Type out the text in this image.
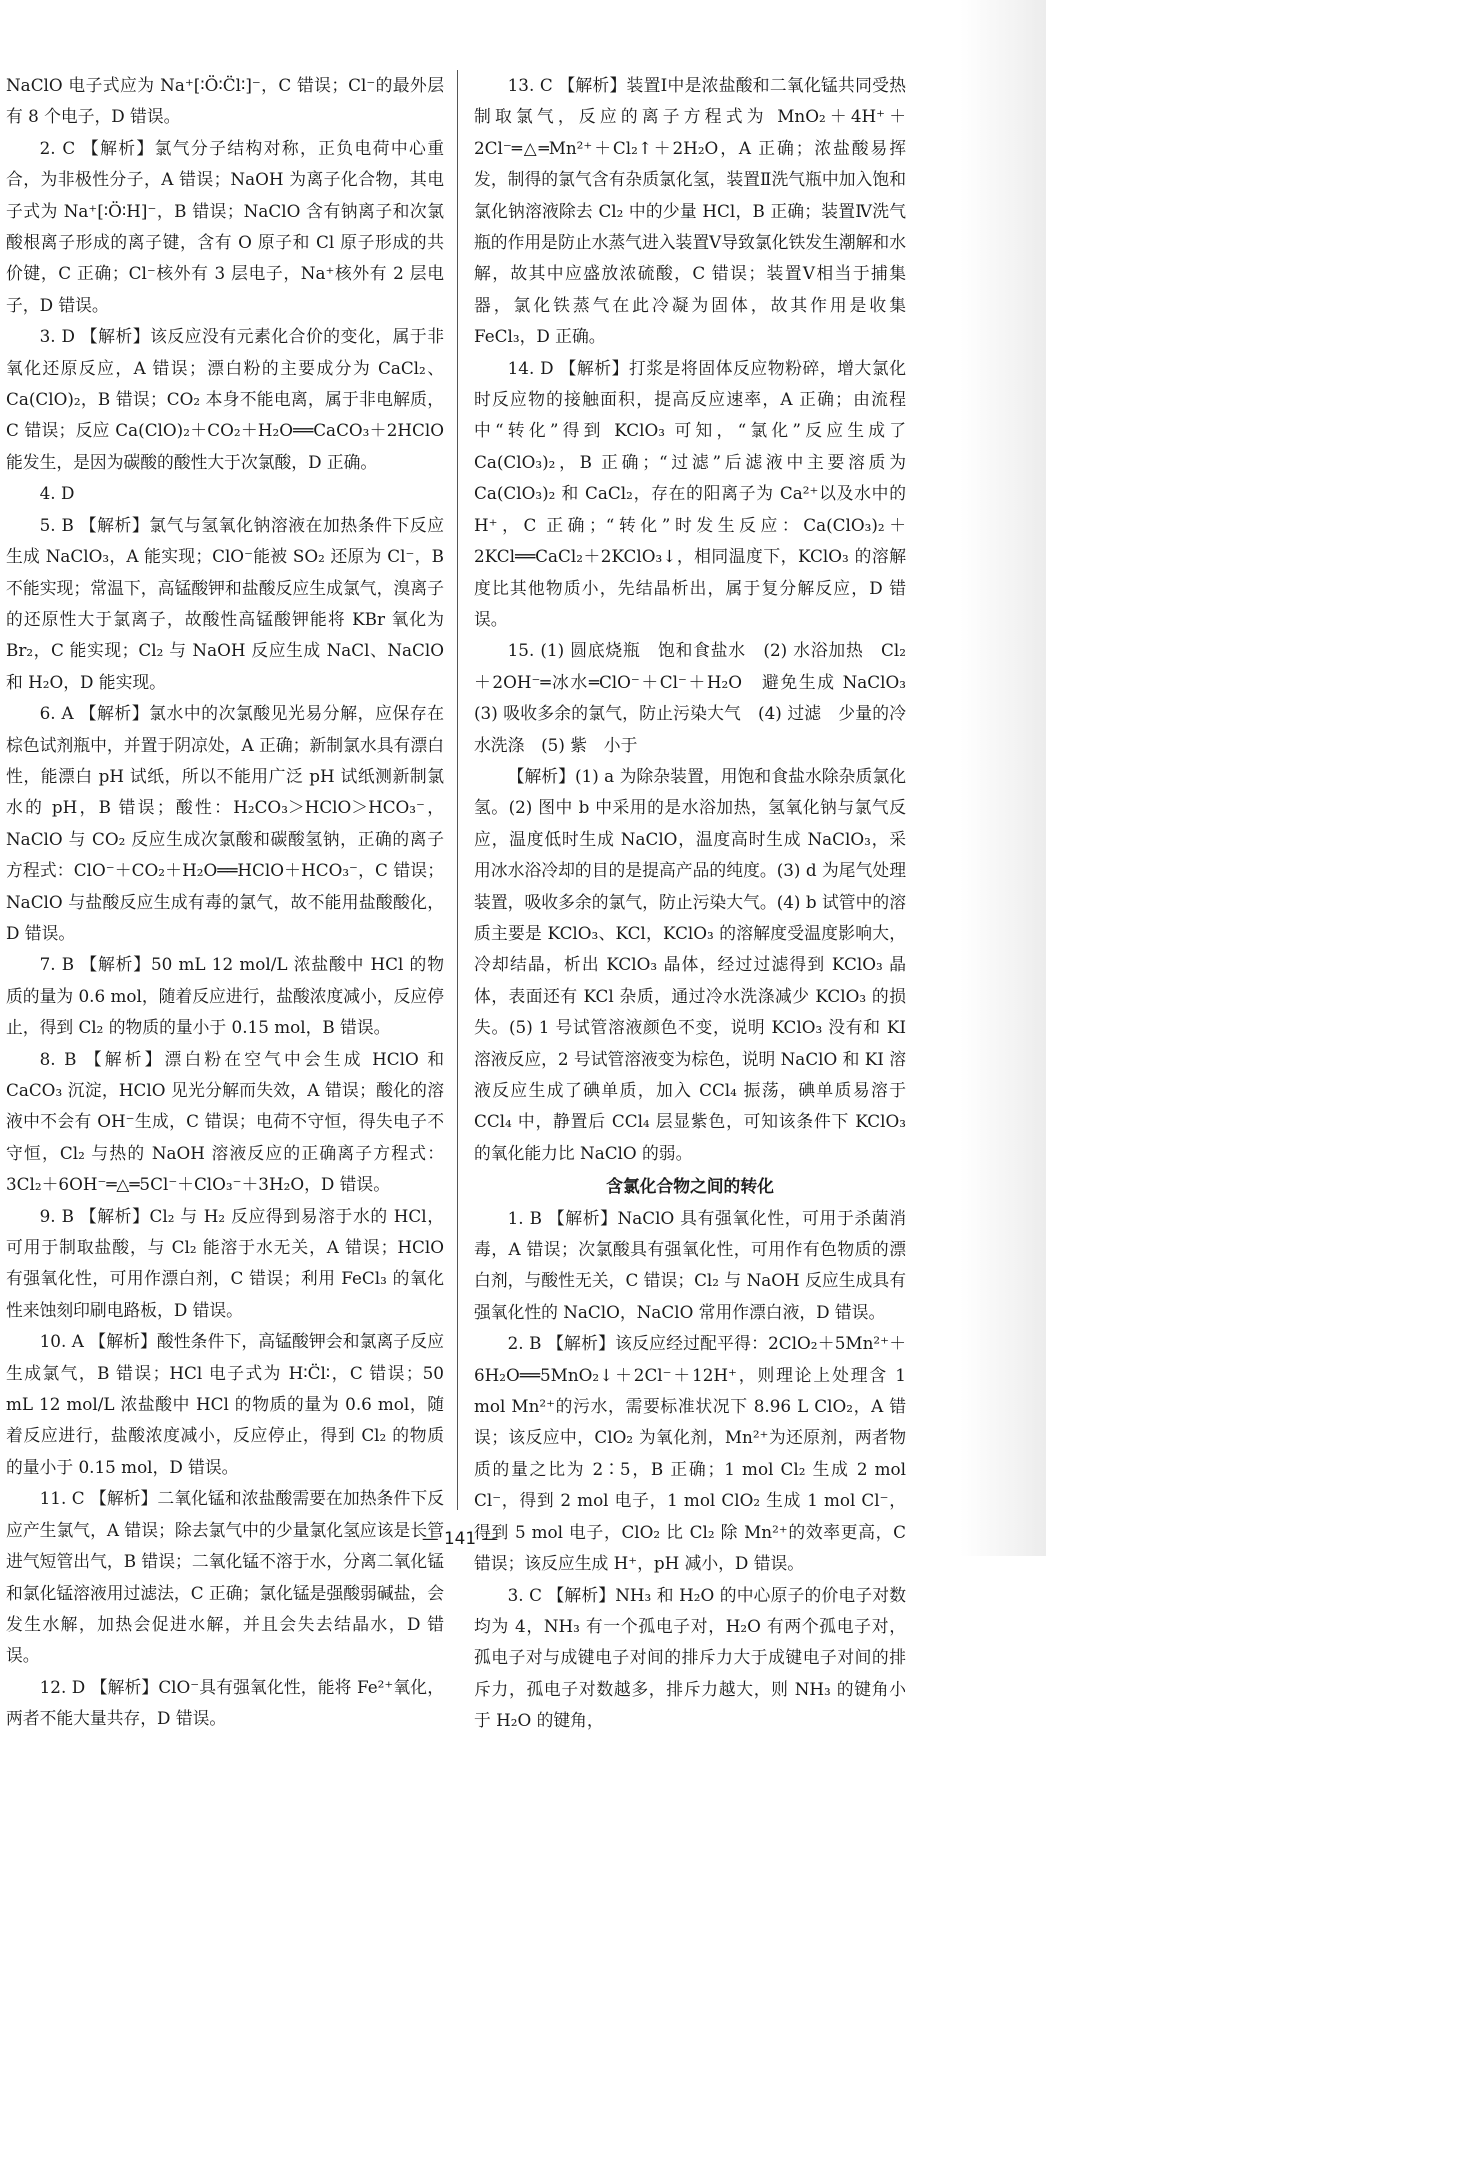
NaClO 电子式应为 Na⁺[∶Ö∶C̈l∶]⁻，C 错误；Cl⁻的最外层有 8 个电子，D 错误。

2. C 【解析】氯气分子结构对称，正负电荷中心重合，为非极性分子，A 错误；NaOH 为离子化合物，其电子式为 Na⁺[∶Ö∶H]⁻，B 错误；NaClO 含有钠离子和次氯酸根离子形成的离子键，含有 O 原子和 Cl 原子形成的共价键，C 正确；Cl⁻核外有 3 层电子，Na⁺核外有 2 层电子，D 错误。

3. D 【解析】该反应没有元素化合价的变化，属于非氧化还原反应，A 错误；漂白粉的主要成分为 CaCl₂、Ca(ClO)₂，B 错误；CO₂ 本身不能电离，属于非电解质，C 错误；反应 Ca(ClO)₂＋CO₂＋H₂O══CaCO₃＋2HClO 能发生，是因为碳酸的酸性大于次氯酸，D 正确。

4. D

5. B 【解析】氯气与氢氧化钠溶液在加热条件下反应生成 NaClO₃，A 能实现；ClO⁻能被 SO₂ 还原为 Cl⁻，B 不能实现；常温下，高锰酸钾和盐酸反应生成氯气，溴离子的还原性大于氯离子，故酸性高锰酸钾能将 KBr 氧化为 Br₂，C 能实现；Cl₂ 与 NaOH 反应生成 NaCl、NaClO 和 H₂O，D 能实现。

6. A 【解析】氯水中的次氯酸见光易分解，应保存在棕色试剂瓶中，并置于阴凉处，A 正确；新制氯水具有漂白性，能漂白 pH 试纸，所以不能用广泛 pH 试纸测新制氯水的 pH，B 错误；酸性：H₂CO₃＞HClO＞HCO₃⁻，NaClO 与 CO₂ 反应生成次氯酸和碳酸氢钠，正确的离子方程式：ClO⁻＋CO₂＋H₂O══HClO＋HCO₃⁻，C 错误；NaClO 与盐酸反应生成有毒的氯气，故不能用盐酸酸化，D 错误。

7. B 【解析】50 mL 12 mol/L 浓盐酸中 HCl 的物质的量为 0.6 mol，随着反应进行，盐酸浓度减小，反应停止，得到 Cl₂ 的物质的量小于 0.15 mol，B 错误。

8. B 【解析】漂白粉在空气中会生成 HClO 和 CaCO₃ 沉淀，HClO 见光分解而失效，A 错误；酸化的溶液中不会有 OH⁻生成，C 错误；电荷不守恒，得失电子不守恒，Cl₂ 与热的 NaOH 溶液反应的正确离子方程式：3Cl₂＋6OH⁻═△═5Cl⁻＋ClO₃⁻＋3H₂O，D 错误。

9. B 【解析】Cl₂ 与 H₂ 反应得到易溶于水的 HCl，可用于制取盐酸，与 Cl₂ 能溶于水无关，A 错误；HClO 有强氧化性，可用作漂白剂，C 错误；利用 FeCl₃ 的氧化性来蚀刻印刷电路板，D 错误。

10. A 【解析】酸性条件下，高锰酸钾会和氯离子反应生成氯气，B 错误；HCl 电子式为 H∶C̈l∶，C 错误；50 mL 12 mol/L 浓盐酸中 HCl 的物质的量为 0.6 mol，随着反应进行，盐酸浓度减小，反应停止，得到 Cl₂ 的物质的量小于 0.15 mol，D 错误。

11. C 【解析】二氧化锰和浓盐酸需要在加热条件下反应产生氯气，A 错误；除去氯气中的少量氯化氢应该是长管进气短管出气，B 错误；二氧化锰不溶于水，分离二氧化锰和氯化锰溶液用过滤法，C 正确；氯化锰是强酸弱碱盐，会发生水解，加热会促进水解，并且会失去结晶水，D 错误。

12. D 【解析】ClO⁻具有强氧化性，能将 Fe²⁺氧化，两者不能大量共存，D 错误。

13. C 【解析】装置Ⅰ中是浓盐酸和二氧化锰共同受热制取氯气，反应的离子方程式为 MnO₂＋4H⁺＋2Cl⁻═△═Mn²⁺＋Cl₂↑＋2H₂O，A 正确；浓盐酸易挥发，制得的氯气含有杂质氯化氢，装置Ⅱ洗气瓶中加入饱和氯化钠溶液除去 Cl₂ 中的少量 HCl，B 正确；装置Ⅳ洗气瓶的作用是防止水蒸气进入装置Ⅴ导致氯化铁发生潮解和水解，故其中应盛放浓硫酸，C 错误；装置Ⅴ相当于捕集器，氯化铁蒸气在此冷凝为固体，故其作用是收集 FeCl₃，D 正确。

14. D 【解析】打浆是将固体反应物粉碎，增大氯化时反应物的接触面积，提高反应速率，A 正确；由流程中“转化”得到 KClO₃ 可知，“氯化”反应生成了 Ca(ClO₃)₂，B 正确；“过滤”后滤液中主要溶质为 Ca(ClO₃)₂ 和 CaCl₂，存在的阳离子为 Ca²⁺以及水中的 H⁺，C 正确；“转化”时发生反应：Ca(ClO₃)₂＋2KCl══CaCl₂＋2KClO₃↓，相同温度下，KClO₃ 的溶解度比其他物质小，先结晶析出，属于复分解反应，D 错误。

15. (1) 圆底烧瓶　饱和食盐水　(2) 水浴加热　Cl₂＋2OH⁻═冰水═ClO⁻＋Cl⁻＋H₂O　避免生成 NaClO₃　(3) 吸收多余的氯气，防止污染大气　(4) 过滤　少量的冷水洗涤　(5) 紫　小于

【解析】(1) a 为除杂装置，用饱和食盐水除杂质氯化氢。(2) 图中 b 中采用的是水浴加热，氢氧化钠与氯气反应，温度低时生成 NaClO，温度高时生成 NaClO₃，采用冰水浴冷却的目的是提高产品的纯度。(3) d 为尾气处理装置，吸收多余的氯气，防止污染大气。(4) b 试管中的溶质主要是 KClO₃、KCl，KClO₃ 的溶解度受温度影响大，冷却结晶，析出 KClO₃ 晶体，经过过滤得到 KClO₃ 晶体，表面还有 KCl 杂质，通过冷水洗涤减少 KClO₃ 的损失。(5) 1 号试管溶液颜色不变，说明 KClO₃ 没有和 KI 溶液反应，2 号试管溶液变为棕色，说明 NaClO 和 KI 溶液反应生成了碘单质，加入 CCl₄ 振荡，碘单质易溶于 CCl₄ 中，静置后 CCl₄ 层显紫色，可知该条件下 KClO₃ 的氧化能力比 NaClO 的弱。

含氯化合物之间的转化

1. B 【解析】NaClO 具有强氧化性，可用于杀菌消毒，A 错误；次氯酸具有强氧化性，可用作有色物质的漂白剂，与酸性无关，C 错误；Cl₂ 与 NaOH 反应生成具有强氧化性的 NaClO，NaClO 常用作漂白液，D 错误。

2. B 【解析】该反应经过配平得：2ClO₂＋5Mn²⁺＋6H₂O══5MnO₂↓＋2Cl⁻＋12H⁺，则理论上处理含 1 mol Mn²⁺的污水，需要标准状况下 8.96 L ClO₂，A 错误；该反应中，ClO₂ 为氧化剂，Mn²⁺为还原剂，两者物质的量之比为 2∶5，B 正确；1 mol Cl₂ 生成 2 mol Cl⁻，得到 2 mol 电子，1 mol ClO₂ 生成 1 mol Cl⁻，得到 5 mol 电子，ClO₂ 比 Cl₂ 除 Mn²⁺的效率更高，C 错误；该反应生成 H⁺，pH 减小，D 错误。

3. C 【解析】NH₃ 和 H₂O 的中心原子的价电子对数均为 4，NH₃ 有一个孤电子对，H₂O 有两个孤电子对，孤电子对与成键电子对间的排斥力大于成键电子对间的排斥力，孤电子对数越多，排斥力越大，则 NH₃ 的键角小于 H₂O 的键角，

— 141 —
